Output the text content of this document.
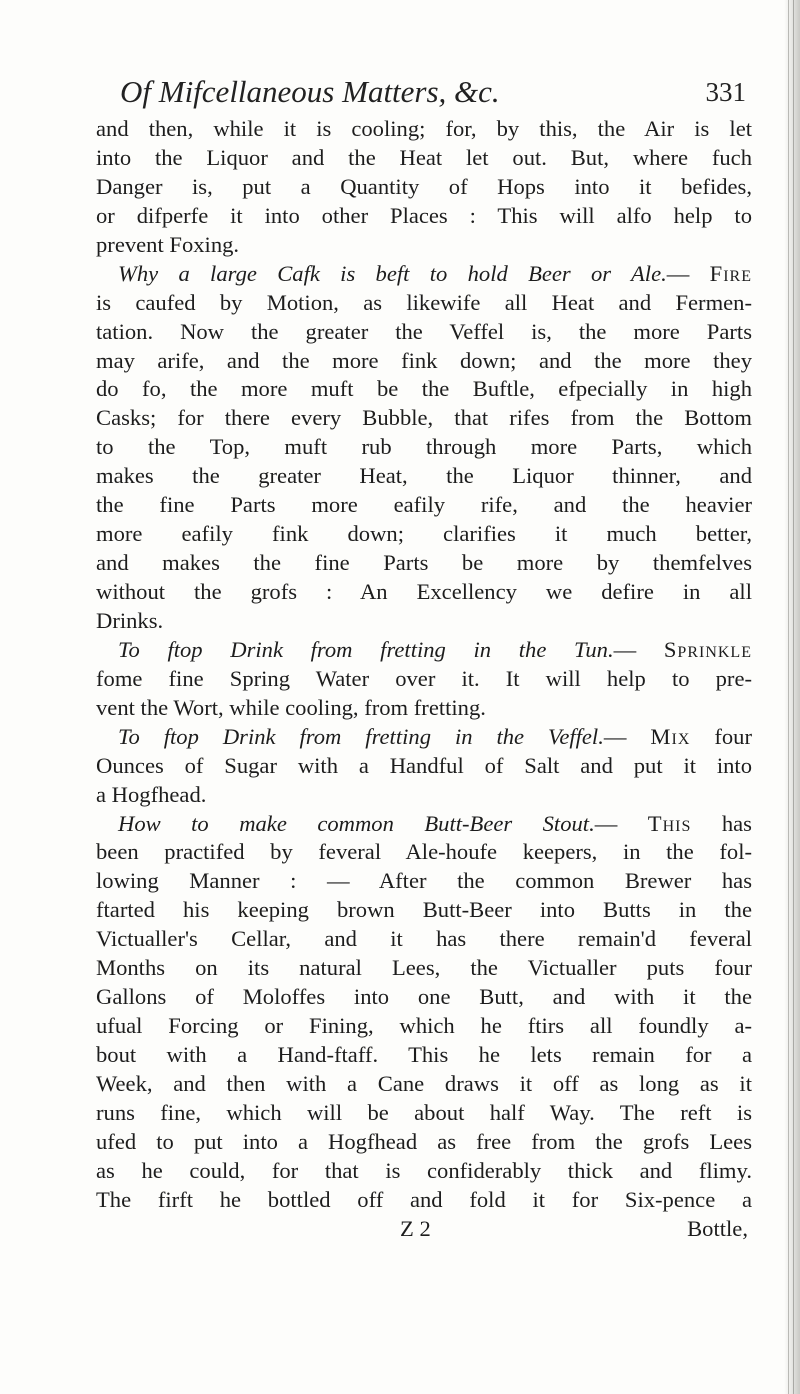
Of Mifcellaneous Matters, &c.	331
and then, while it is cooling; for, by this, the Air is let
into the Liquor and the Heat let out. But, where fuch
Danger is, put a Quantity of Hops into it befides,
or difperfe it into other Places : This will alfo help to
prevent Foxing.
Why a large Cafk is beft to hold Beer or Ale.— Fire
is caufed by Motion, as likewife all Heat and Fermen-
tation. Now the greater the Veffel is, the more Parts
may arife, and the more fink down; and the more they
do fo, the more muft be the Buftle, efpecially in high
Casks; for there every Bubble, that rifes from the Bottom
to the Top, muft rub through more Parts, which
makes the greater Heat, the Liquor thinner, and
the fine Parts more eafily rife, and the heavier
more eafily fink down; clarifies it much better,
and makes the fine Parts be more by themfelves
without the grofs : An Excellency we defire in all
Drinks.
To ftop Drink from fretting in the Tun.— Sprinkle
fome fine Spring Water over it. It will help to pre-
vent the Wort, while cooling, from fretting.
To ftop Drink from fretting in the Veffel.— Mix four
Ounces of Sugar with a Handful of Salt and put it into
a Hogfhead.
How to make common Butt-Beer Stout.— This has
been practifed by feveral Ale-houfe keepers, in the fol-
lowing Manner : — After the common Brewer has
ftarted his keeping brown Butt-Beer into Butts in the
Victualler's Cellar, and it has there remain'd feveral
Months on its natural Lees, the Victualler puts four
Gallons of Moloffes into one Butt, and with it the
ufual Forcing or Fining, which he ftirs all foundly a-
bout with a Hand-ftaff. This he lets remain for a
Week, and then with a Cane draws it off as long as it
runs fine, which will be about half Way. The reft is
ufed to put into a Hogfhead as free from the grofs Lees
as he could, for that is confiderably thick and flimy.
The firft he bottled off and fold it for Six-pence a
Z 2	Bottle,
